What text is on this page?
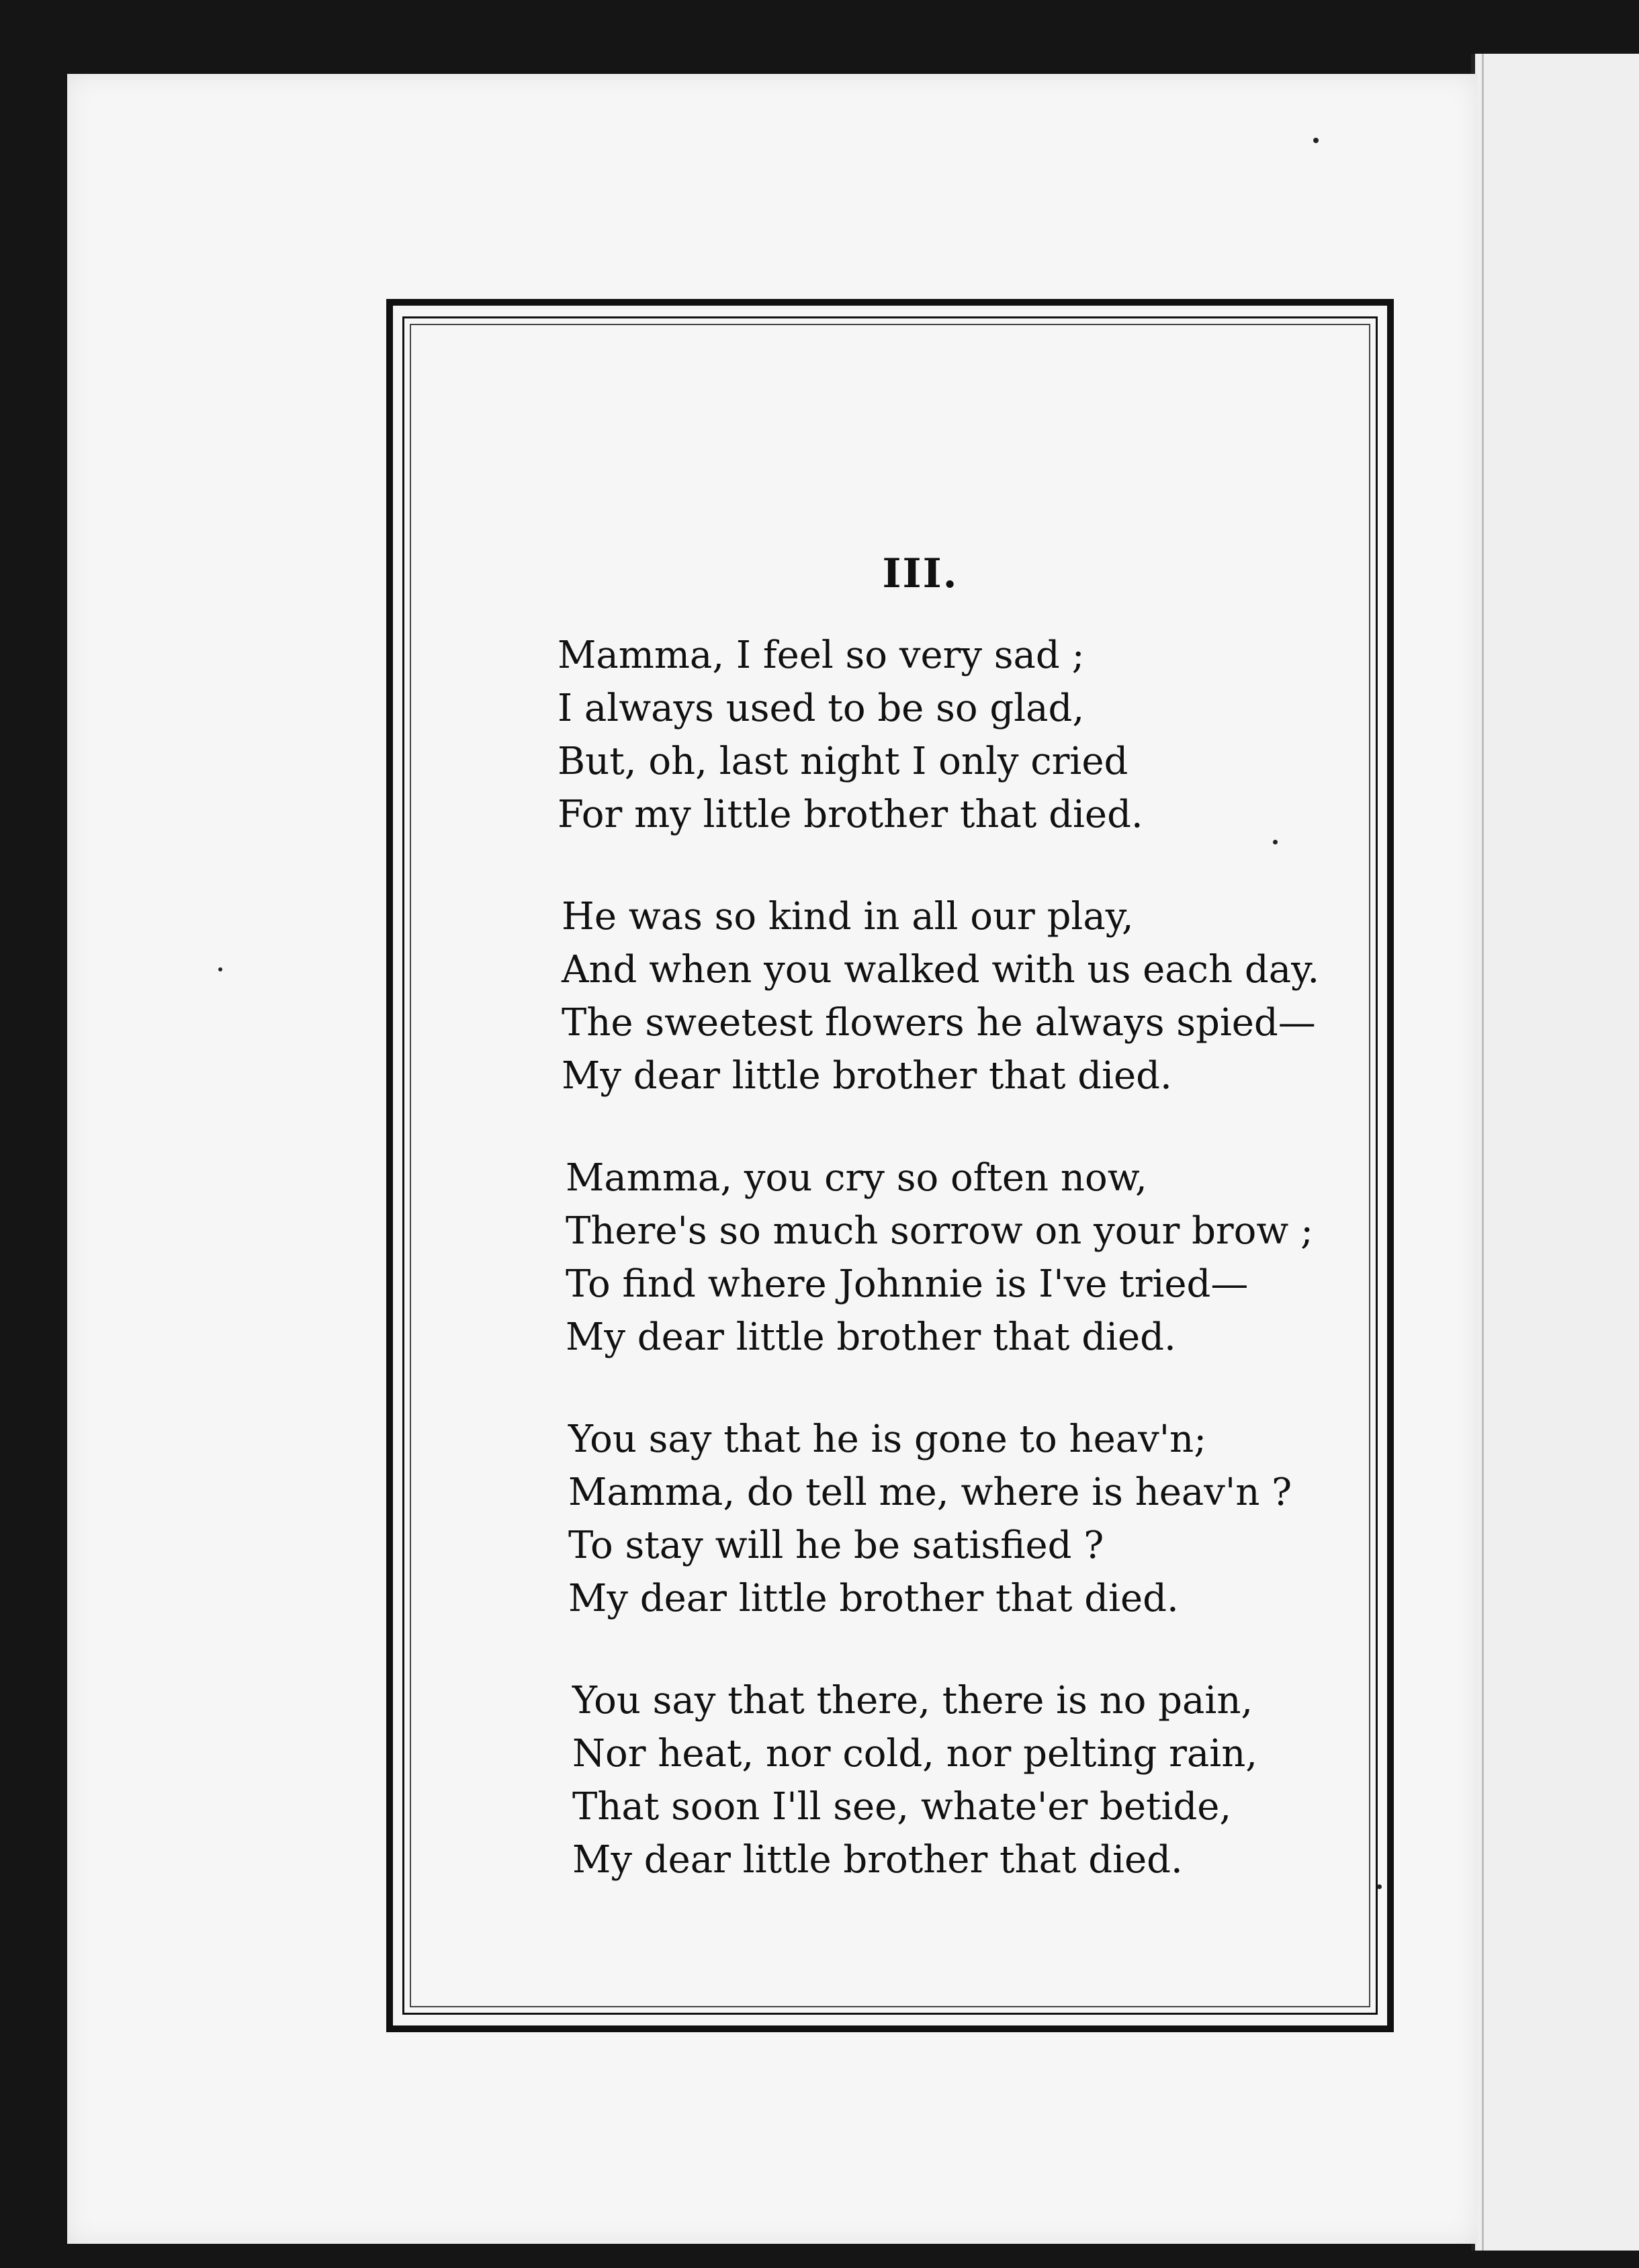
III.
Mamma, I feel so very sad ;
I always used to be so glad,
But, oh, last night I only cried
For my little brother that died.
He was so kind in all our play,
And when you walked with us each day.
The sweetest flowers he always spied—
My dear little brother that died.
Mamma, you cry so often now,
There's so much sorrow on your brow ;
To find where Johnnie is I've tried—
My dear little brother that died.
You say that he is gone to heav'n;
Mamma, do tell me, where is heav'n ?
To stay will he be satisfied ?
My dear little brother that died.
You say that there, there is no pain,
Nor heat, nor cold, nor pelting rain,
That soon I'll see, whate'er betide,
My dear little brother that died.
